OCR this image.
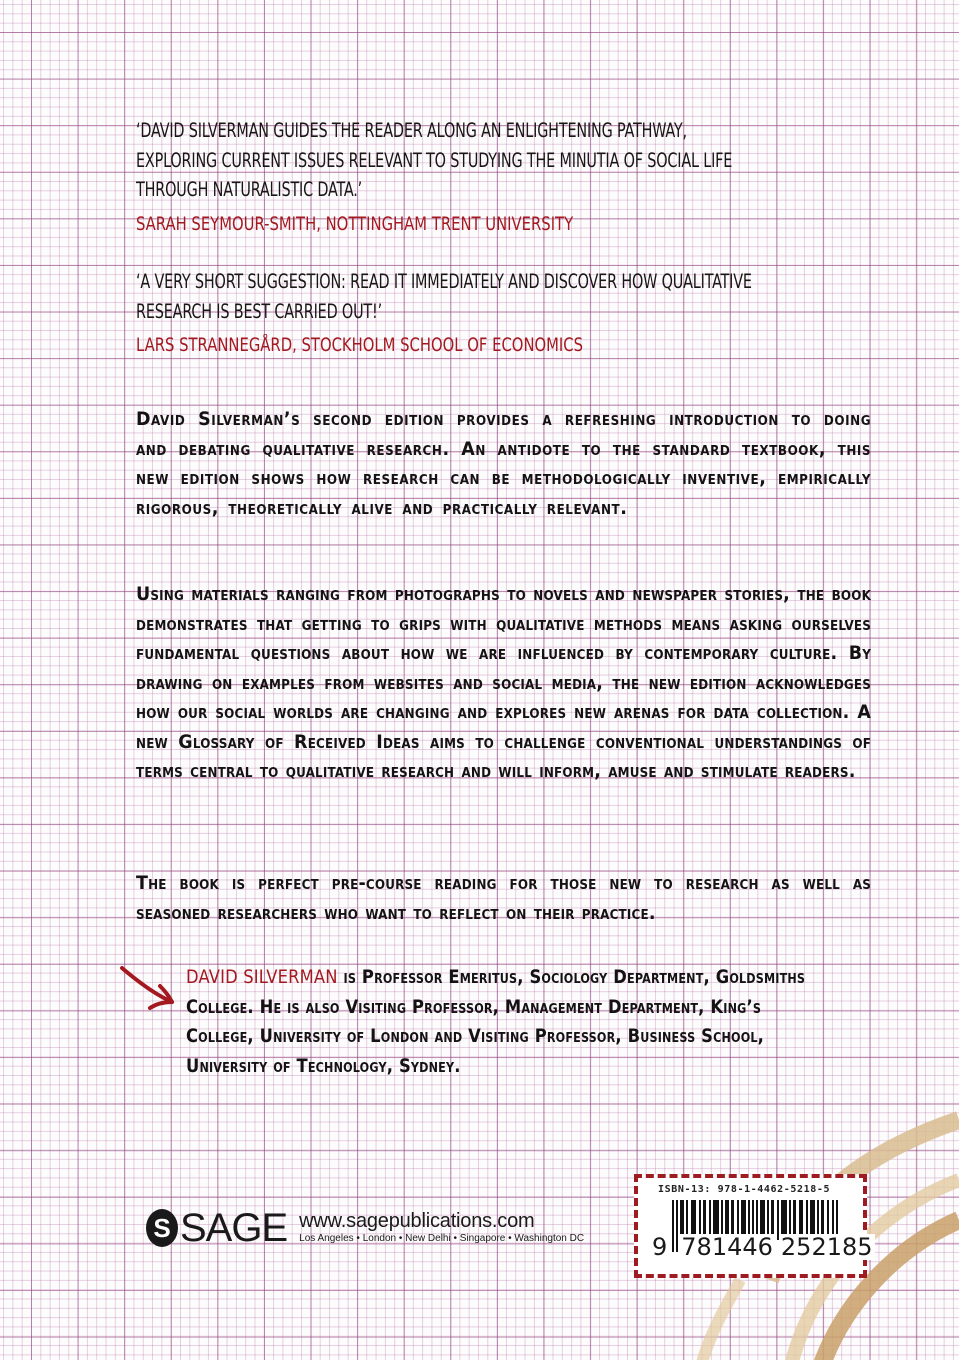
‘DAVID SILVERMAN GUIDES THE READER ALONG AN ENLIGHTENING PATHWAY,
EXPLORING CURRENT ISSUES RELEVANT TO STUDYING THE MINUTIA OF SOCIAL LIFE
THROUGH NATURALISTIC DATA.’

SARAH SEYMOUR-SMITH, NOTTINGHAM TRENT UNIVERSITY

‘A VERY SHORT SUGGESTION: READ IT IMMEDIATELY AND DISCOVER HOW QUALITATIVE
RESEARCH IS BEST CARRIED OUT!’

LARS STRANNEGÅRD, STOCKHOLM SCHOOL OF ECONOMICS

David Silverman’s second edition provides a refreshing introduction to doing and debating qualitative research. An antidote to the standard textbook, this new edition shows how research can be methodologically inventive, empirically rigorous, theoretically alive and practically relevant.

Using materials ranging from photographs to novels and newspaper stories, the book demonstrates that getting to grips with qualitative methods means asking ourselves fundamental questions about how we are influenced by contemporary culture. By drawing on examples from websites and social media, the new edition acknowledges how our social worlds are changing and explores new arenas for data collection. A new Glossary of Received Ideas aims to challenge conventional understandings of terms central to qualitative research and will inform, amuse and stimulate readers.

The book is perfect pre-course reading for those new to research as well as seasoned researchers who want to reflect on their practice.

DAVID SILVERMAN is Professor Emeritus, Sociology Department, Goldsmiths College. He is also Visiting Professor, Management Department, King’s College, University of London and Visiting Professor, Business School, University of Technology, Sydney.

S SAGE www.sagepublications.com
Los Angeles • London • New Delhi • Singapore • Washington DC
ISBN-13: 978-1-4462-5218-5
9 781446 252185
